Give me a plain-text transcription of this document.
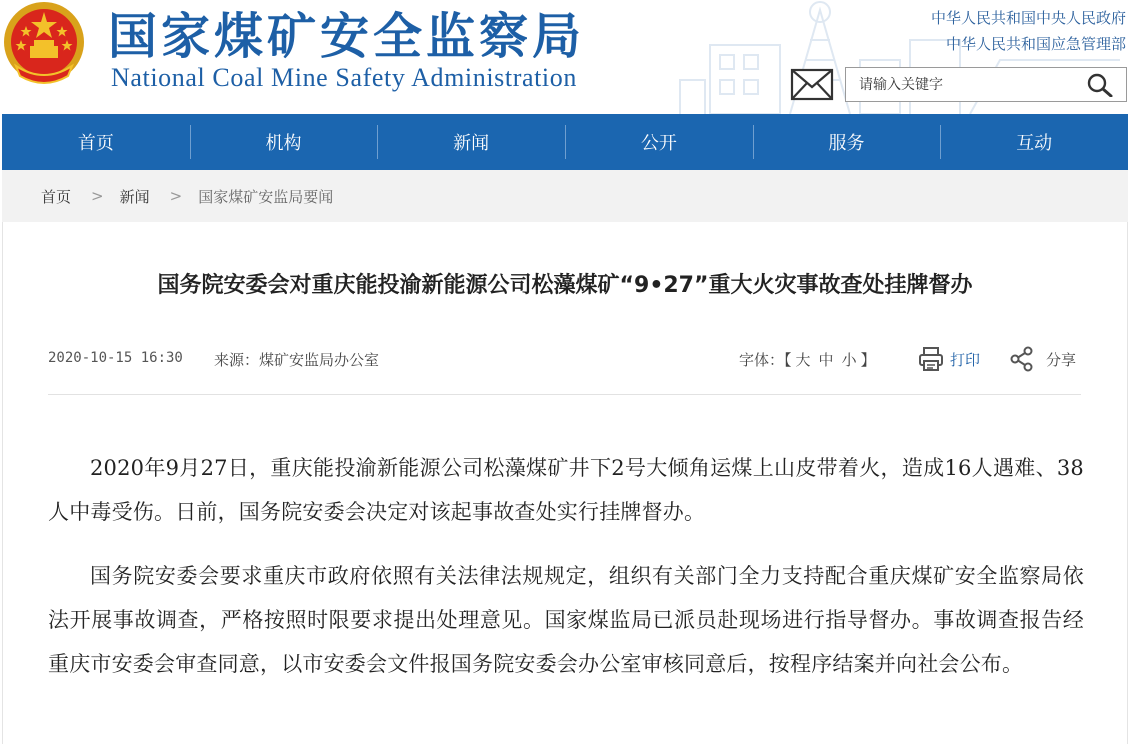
国家煤矿安全监察局
National Coal Mine Safety Administration
中华人民共和国中央人民政府
中华人民共和国应急管理部
请输入关键字
首页	机构	新闻	公开	服务	互动
首页 > 新闻 > 国家煤矿安监局要闻
国务院安委会对重庆能投渝新能源公司松藻煤矿“9•27”重大火灾事故查处挂牌督办
2020-10-15 16:30 来源：煤矿安监局办公室	字体：【 大 中 小 】	打印	分享

2020年9月27日，重庆能投渝新能源公司松藻煤矿井下2号大倾角运煤上山皮带着火，造成16人遇难、38人中毒受伤。日前，国务院安委会决定对该起事故查处实行挂牌督办。

国务院安委会要求重庆市政府依照有关法律法规规定，组织有关部门全力支持配合重庆煤矿安全监察局依法开展事故调查，严格按照时限要求提出处理意见。国家煤监局已派员赴现场进行指导督办。事故调查报告经重庆市安委会审查同意，以市安委会文件报国务院安委会办公室审核同意后，按程序结案并向社会公布。
